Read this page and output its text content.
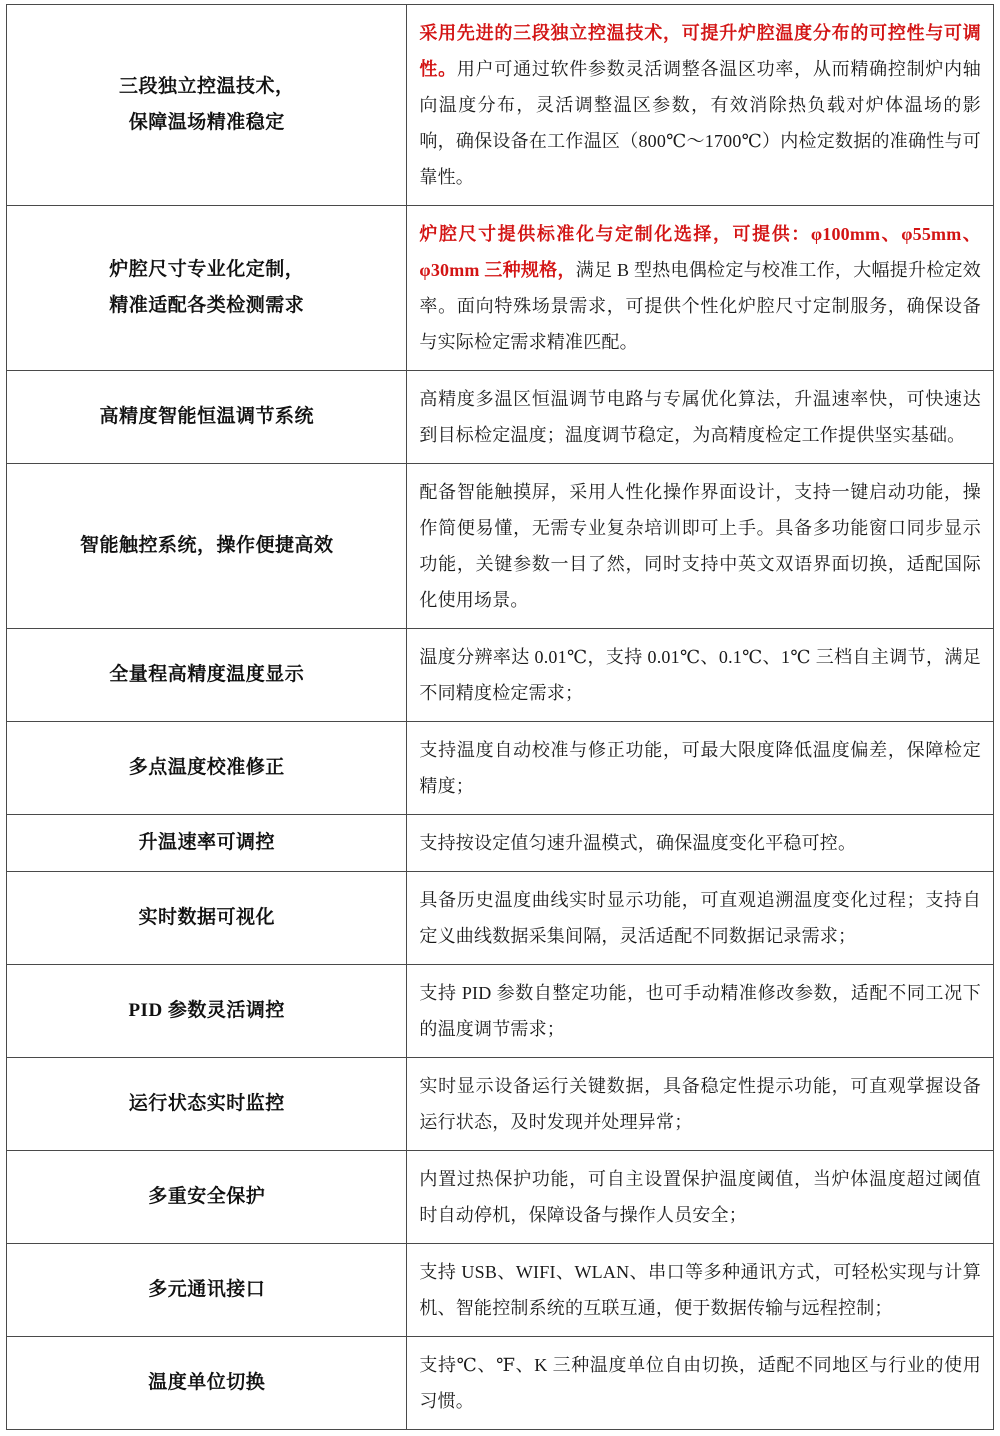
三段独立控温技术，
保障温场精准稳定	采用先进的三段独立控温技术，可提升炉腔温度分布的可控性与可调性。用户可通过软件参数灵活调整各温区功率，从而精确控制炉内轴向温度分布，灵活调整温区参数，有效消除热负载对炉体温场的影响，确保设备在工作温区（800℃～1700℃）内检定数据的准确性与可靠性。

炉腔尺寸专业化定制，
精准适配各类检测需求	炉腔尺寸提供标准化与定制化选择，可提供：φ100mm、φ55mm、φ30mm 三种规格，满足 B 型热电偶检定与校准工作，大幅提升检定效率。面向特殊场景需求，可提供个性化炉腔尺寸定制服务，确保设备与实际检定需求精准匹配。

高精度智能恒温调节系统	高精度多温区恒温调节电路与专属优化算法，升温速率快，可快速达到目标检定温度；温度调节稳定，为高精度检定工作提供坚实基础。

智能触控系统，操作便捷高效	配备智能触摸屏，采用人性化操作界面设计，支持一键启动功能，操作简便易懂，无需专业复杂培训即可上手。具备多功能窗口同步显示功能，关键参数一目了然，同时支持中英文双语界面切换，适配国际化使用场景。

全量程高精度温度显示	温度分辨率达 0.01℃，支持 0.01℃、0.1℃、1℃ 三档自主调节，满足不同精度检定需求；

多点温度校准修正	支持温度自动校准与修正功能，可最大限度降低温度偏差，保障检定精度；

升温速率可调控	支持按设定值匀速升温模式，确保温度变化平稳可控。

实时数据可视化	具备历史温度曲线实时显示功能，可直观追溯温度变化过程；支持自定义曲线数据采集间隔，灵活适配不同数据记录需求；

PID 参数灵活调控	支持 PID 参数自整定功能，也可手动精准修改参数，适配不同工况下的温度调节需求；

运行状态实时监控	实时显示设备运行关键数据，具备稳定性提示功能，可直观掌握设备运行状态，及时发现并处理异常；

多重安全保护	内置过热保护功能，可自主设置保护温度阈值，当炉体温度超过阈值时自动停机，保障设备与操作人员安全；

多元通讯接口	支持 USB、WIFI、WLAN、串口等多种通讯方式，可轻松实现与计算机、智能控制系统的互联互通，便于数据传输与远程控制；

温度单位切换	支持℃、℉、K 三种温度单位自由切换，适配不同地区与行业的使用习惯。
